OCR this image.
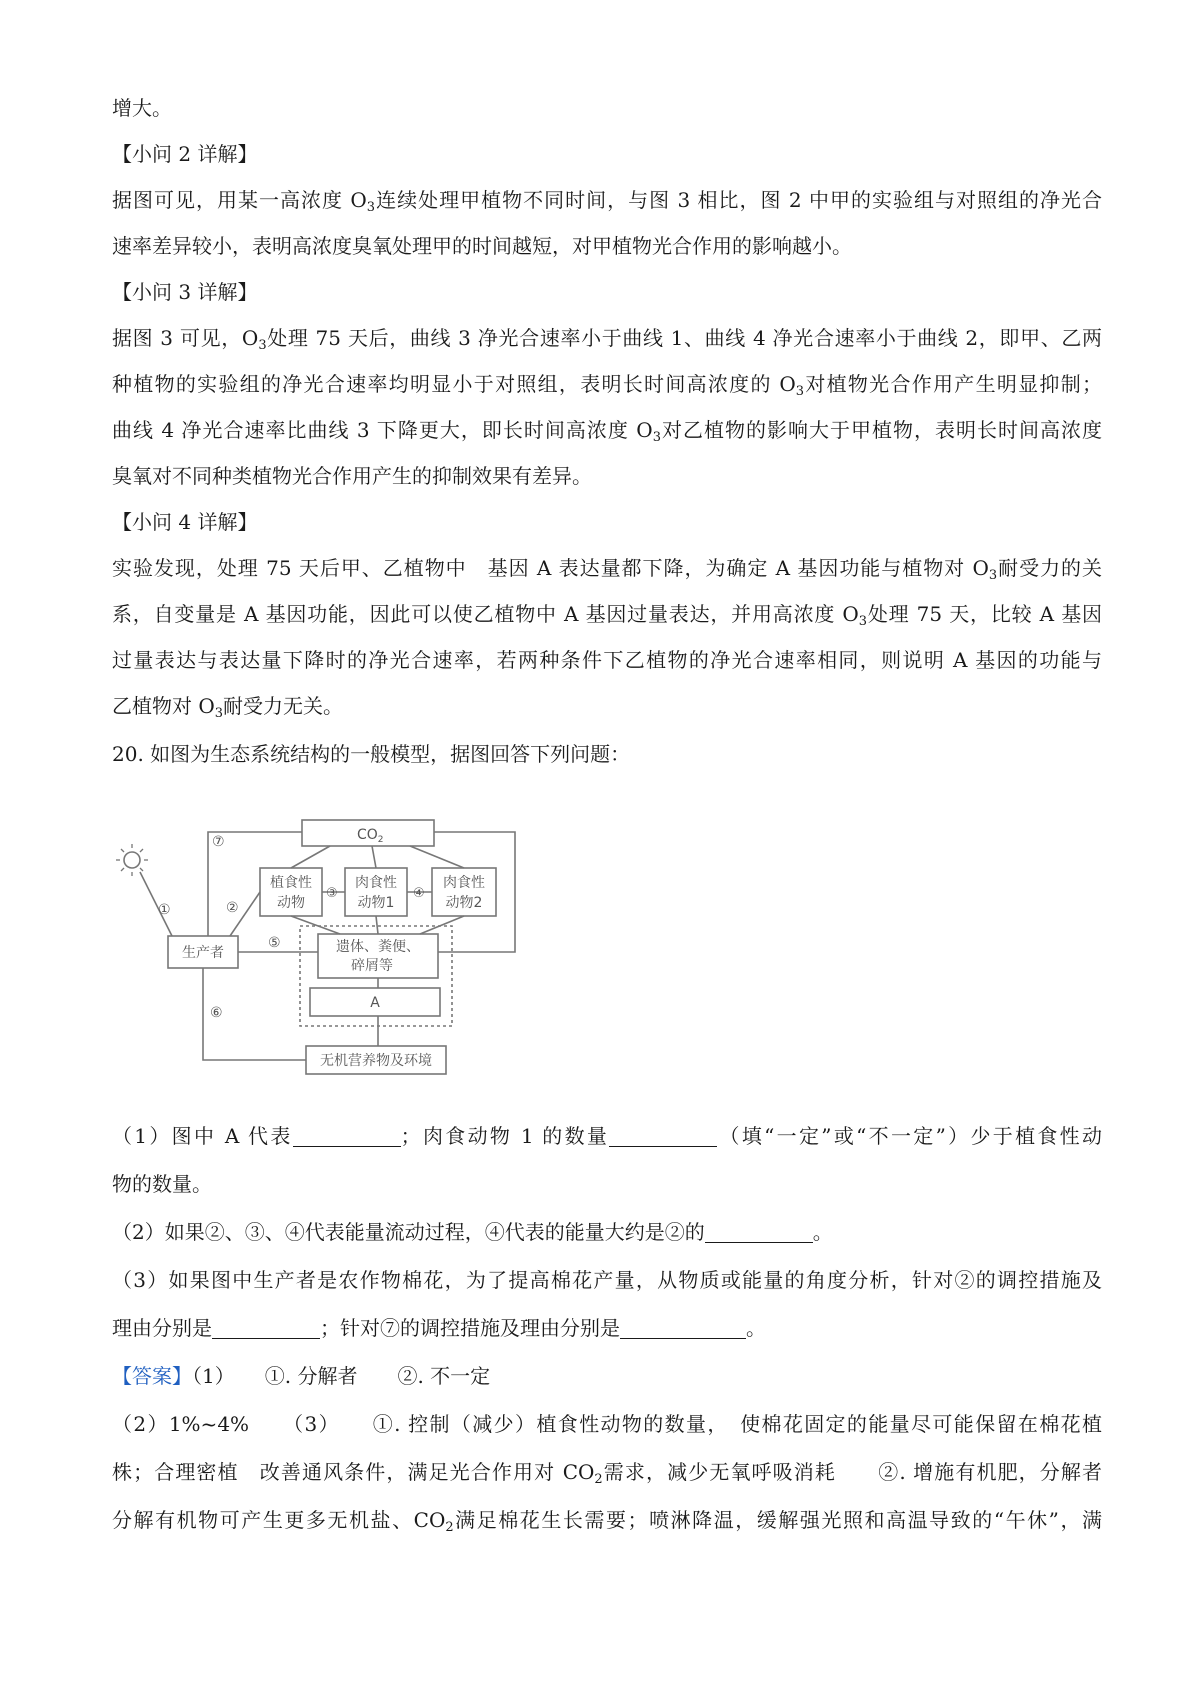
增大。
【小问 2 详解】
据图可见，用某一高浓度 $O_3$连续处理甲植物不同时间，与图 3 相比，图 2 中甲的实验组与对照组的净光合
速率差异较小，表明高浓度臭氧处理甲的时间越短，对甲植物光合作用的影响越小。
【小问 3 详解】
据图 3 可见，$O_3$处理 75 天后，曲线 3 净光合速率小于曲线 1、曲线 4 净光合速率小于曲线 2，即甲、乙两
种植物的实验组的净光合速率均明显小于对照组，表明长时间高浓度的 $O_3$对植物光合作用产生明显抑制；
曲线 4 净光合速率比曲线 3 下降更大，即长时间高浓度 $O_3$对乙植物的影响大于甲植物，表明长时间高浓度
臭氧对不同种类植物光合作用产生的抑制效果有差异。
【小问 4 详解】
实验发现，处理 75 天后甲、乙植物中　基因 A 表达量都下降，为确定 A 基因功能与植物对 $O_3$耐受力的关
系，自变量是 A 基因功能，因此可以使乙植物中 A 基因过量表达，并用高浓度 $O_3$处理 75 天，比较 A 基因
过量表达与表达量下降时的净光合速率，若两种条件下乙植物的净光合速率相同，则说明 A 基因的功能与
乙植物对 $O_3$耐受力无关。
20. 如图为生态系统结构的一般模型，据图回答下列问题：
$CO_2$
植食性
动物
肉食性
动物1
肉食性
动物2
生产者	遗体、粪便、
碎屑等
A
无机营养物及环境
①	②
③	④
⑤
⑥
⑦
（1）图中 A 代表	；肉食动物 1 的数量	（填“一定”或“不一定”）少于植食性动
物的数量。
（2）如果②、③、④代表能量流动过程，④代表的能量大约是②的	。
（3）如果图中生产者是农作物棉花，为了提高棉花产量，从物质或能量的角度分析，针对②的调控措施及
理由分别是	；针对⑦的调控措施及理由分别是	。
【答案】（1）　　①. 分解者　　②. 不一定
（2）1%~4%　　（3）　　①. 控制（减少）植食性动物的数量，　使棉花固定的能量尽可能保留在棉花植
株；合理密植　改善通风条件，满足光合作用对 $CO_2$需求，减少无氧呼吸消耗　　②. 增施有机肥，分解者
分解有机物可产生更多无机盐、$CO_2$满足棉花生长需要；喷淋降温，缓解强光照和高温导致的“午休”，满
